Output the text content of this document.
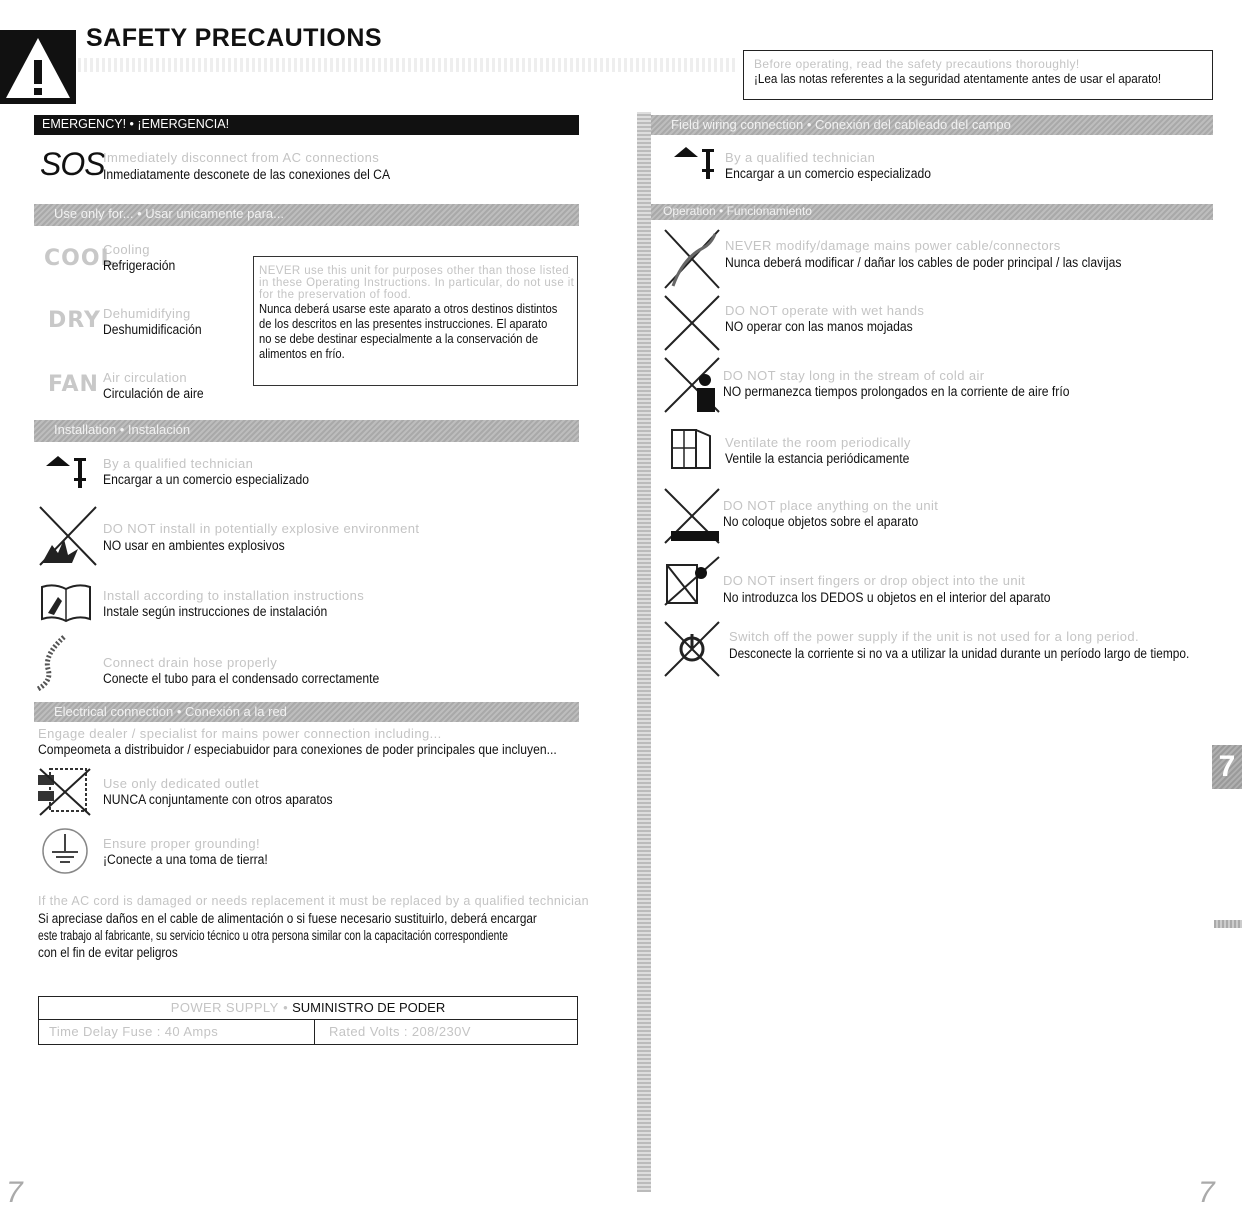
SAFETY PRECAUTIONS
Before operating, read the safety precautions thoroughly!
¡Lea las notas referentes a la seguridad atentamente antes de usar el aparato!
EMERGENCY! • ¡EMERGENCIA!
SOS
Immediately disconnect from AC connections
Inmediatamente desconete de las conexiones del CA
Use only for... • Usar únicamente para...
COOL
Cooling
Refrigeración
DRY Dehumidifying
Deshumidificación
FAN Air circulation
Circulación de aire
NEVER use this unit for purposes other than those listed
in these Operating Instructions. In particular, do not use it
for the preservation of food.
Nunca deberá usarse este aparato a otros destinos distintos
de los descritos en las presentes instrucciones. El aparato
no se debe destinar especialmente a la conservación de
alimentos en frío.
Installation • Instalación
By a qualified technician
Encargar a un comercio especializado
DO NOT install in potentially explosive environment
NO usar en ambientes explosivos
Install according to installation instructions
Instale según instrucciones de instalación
Connect drain hose properly
Conecte el tubo para el condensado correctamente
Electrical connection • Conexión a la red
Engage dealer / specialist for mains power connection including...
Compeometa a distribuidor / especiabuidor para conexiones de poder principales que incluyen...
Use only dedicated outlet
NUNCA conjuntamente con otros aparatos
Ensure proper grounding!
¡Conecte a una toma de tierra!
If the AC cord is damaged or needs replacement it must be replaced by a qualified technician
Si apreciase daños en el cable de alimentación o si fuese necesario sustituirlo, deberá encargar
este trabajo al fabricante, su servicio técnico u otra persona similar con la capacitación correspondiente
con el fin de evitar peligros
POWER SUPPLY • SUMINISTRO DE PODER
Time Delay Fuse : 40 Amps	Rated Volts : 208/230V
7
Field wiring connection • Conexión del cableado del campo
By a qualified technician
Encargar a un comercio especializado
Operation • Funcionamiento
NEVER modify/damage mains power cable/connectors
Nunca deberá modificar / dañar los cables de poder principal / las clavijas
DO NOT operate with wet hands
NO operar con las manos mojadas
DO NOT stay long in the stream of cold air
NO permanezca tiempos prolongados en la corriente de aire frío
Ventilate the room periodically
Ventile la estancia periódicamente
DO NOT place anything on the unit
No coloque objetos sobre el aparato
DO NOT insert fingers or drop object into the unit
No introduzca los DEDOS u objetos en el interior del aparato
Switch off the power supply if the unit is not used for a long period.
Desconecte la corriente si no va a utilizar la unidad durante un período largo de tiempo.
7
7
